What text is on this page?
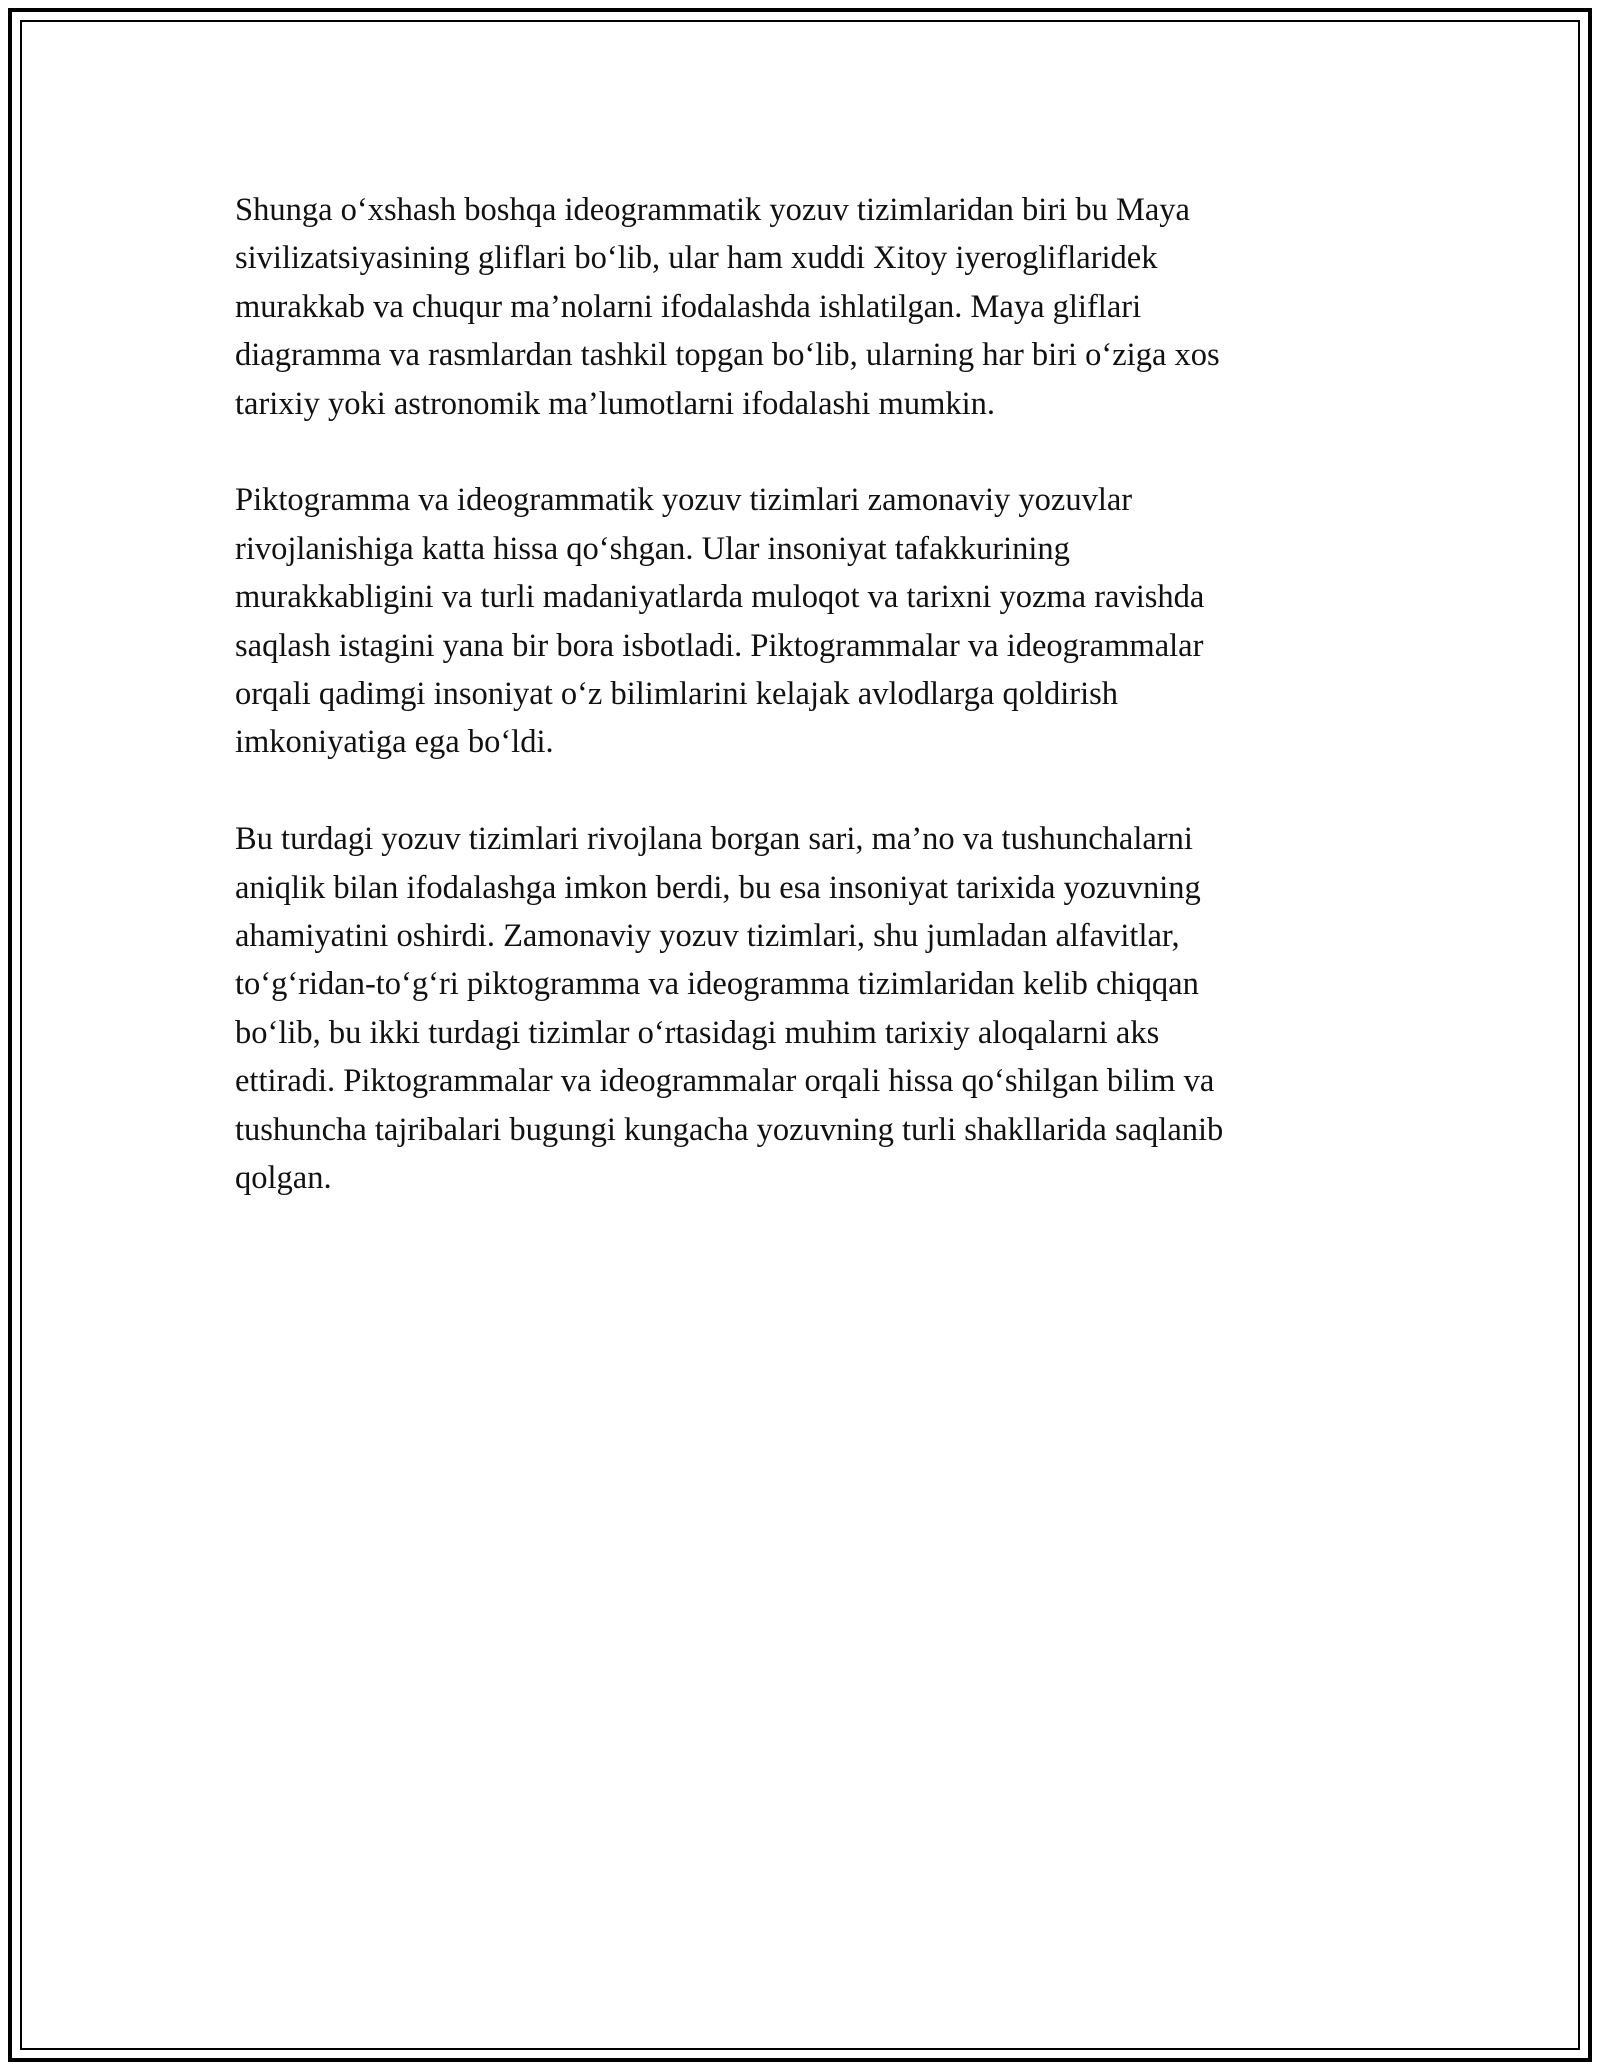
Shunga o‘xshash boshqa ideogrammatik yozuv tizimlaridan biri bu Maya
sivilizatsiyasining gliflari bo‘lib, ular ham xuddi Xitoy iyerogliflaridek
murakkab va chuqur ma’nolarni ifodalashda ishlatilgan. Maya gliflari
diagramma va rasmlardan tashkil topgan bo‘lib, ularning har biri o‘ziga xos
tarixiy yoki astronomik ma’lumotlarni ifodalashi mumkin.

Piktogramma va ideogrammatik yozuv tizimlari zamonaviy yozuvlar
rivojlanishiga katta hissa qo‘shgan. Ular insoniyat tafakkurining
murakkabligini va turli madaniyatlarda muloqot va tarixni yozma ravishda
saqlash istagini yana bir bora isbotladi. Piktogrammalar va ideogrammalar
orqali qadimgi insoniyat o‘z bilimlarini kelajak avlodlarga qoldirish
imkoniyatiga ega bo‘ldi.

Bu turdagi yozuv tizimlari rivojlana borgan sari, ma’no va tushunchalarni
aniqlik bilan ifodalashga imkon berdi, bu esa insoniyat tarixida yozuvning
ahamiyatini oshirdi. Zamonaviy yozuv tizimlari, shu jumladan alfavitlar,
to‘g‘ridan-to‘g‘ri piktogramma va ideogramma tizimlaridan kelib chiqqan
bo‘lib, bu ikki turdagi tizimlar o‘rtasidagi muhim tarixiy aloqalarni aks
ettiradi. Piktogrammalar va ideogrammalar orqali hissa qo‘shilgan bilim va
tushuncha tajribalari bugungi kungacha yozuvning turli shakllarida saqlanib
qolgan.
